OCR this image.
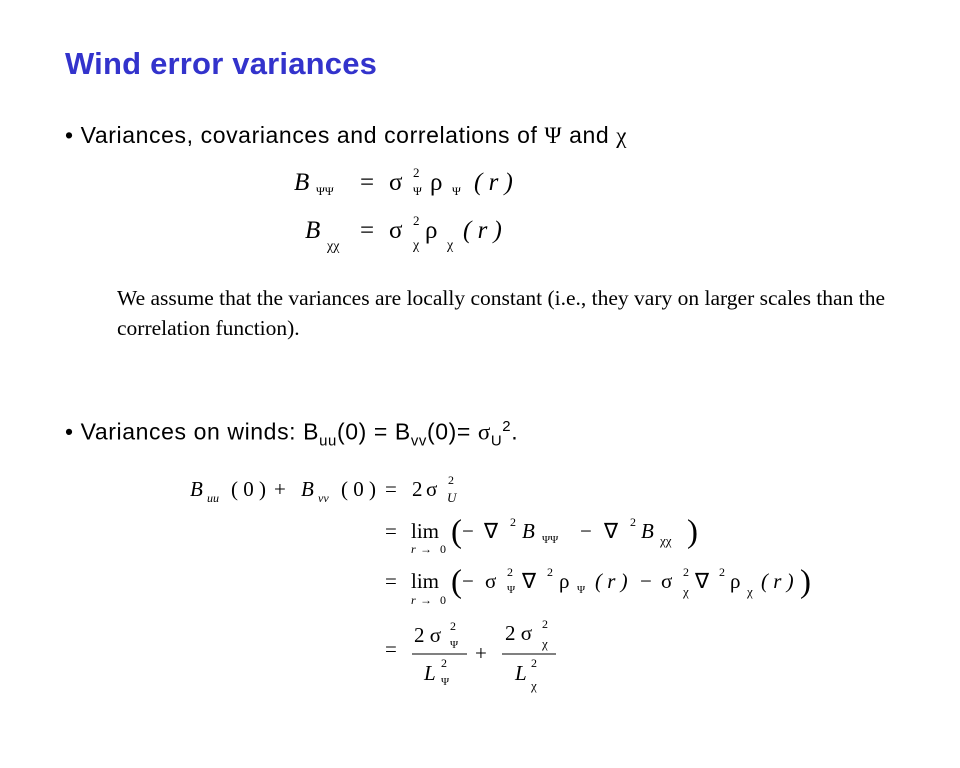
Wind error variances
• Variances, covariances and correlations of Ψ and χ
B ΨΨ = σ 2
Ψ ρ Ψ ( r )
B
χχ
= σ 2
χ
ρ
χ
( r )
B uu ( 0 ) + B vv ( 0 ) = 2 σ 2
U
= lim
r → 0 ( − ∇ 2 B ΨΨ − ∇ 2 B χχ )
= lim
r → 0 ( − σ 2
Ψ ∇ 2 ρ Ψ ( r ) − σ 2
χ ∇ 2 ρ χ ( r ) )
=
2 σ 2
Ψ
L 2
Ψ
+
2 σ 2
χ
L 2
χ
We assume that the variances are locally constant (i.e., they vary on larger scales than the correlation function).
• Variances on winds: $B_{uu}(0) = B_{vv}(0)= \sigma_U^2$.
